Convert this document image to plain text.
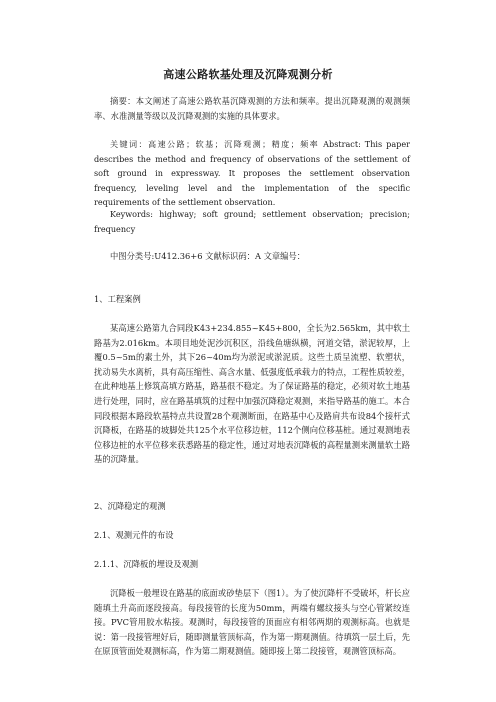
高速公路软基处理及沉降观测分析

摘要：本文阐述了高速公路软基沉降观测的方法和频率。提出沉降观测的观测频率、水准测量等级以及沉降观测的实施的具体要求。

关键词：高速公路；软基；沉降观测；精度；频率 Abstract: This paper describes the method and frequency of observations of the settlement of soft ground in expressway. It proposes the settlement observation frequency, leveling level and the implementation of the specific requirements of the settlement observation.

Keywords: highway; soft ground; settlement observation; precision; frequency

中图分类号:U412.36+6 文献标识码：A 文章编号：

1、工程案例

某高速公路第九合同段K43+234.855~K45+800，全长为2.565km，其中软土路基为2.016km。本项目地处泥沙沉积区，沿线鱼塘纵横，河道交错，淤泥较厚，上覆0.5~5m的素土外，其下26~40m均为淤泥或淤泥质。这些土质呈流塑、软塑状，扰动易失水离析，具有高压缩性、高含水量、低强度低承载力的特点，工程性质较差，在此种地基上修筑高填方路基，路基很不稳定。为了保证路基的稳定，必须对软土地基进行处理，同时，应在路基填筑的过程中加强沉降稳定观测，来指导路基的施工。本合同段根据本路段软基特点共设置28个观测断面，在路基中心及路肩共布设84个接杆式沉降板，在路基的坡脚处共125个水平位移边桩，112个侧向位移基桩。通过观测地表位移边桩的水平位移来获悉路基的稳定性，通过对地表沉降板的高程量测来测量软土路基的沉降量。

2、沉降稳定的观测
2.1、观测元件的布设
2.1.1、沉降板的埋设及观测

沉降板一般埋设在路基的底面或砂垫层下（图1）。为了使沉降杆不受破坏，杆长应随填土升高而逐段接高。每段接管的长度为50mm，两端有螺纹接头与空心管紧绞连接。PVC管用胶水粘接。观测时，每段接管的顶面应有相邻两期的观测标高。也就是说：第一段接管埋好后，随即测量管顶标高，作为第一期观测值。待填筑一层土后，先在原顶管面处观测标高，作为第二期观测值。随即接上第二段接管，观测管顶标高。
